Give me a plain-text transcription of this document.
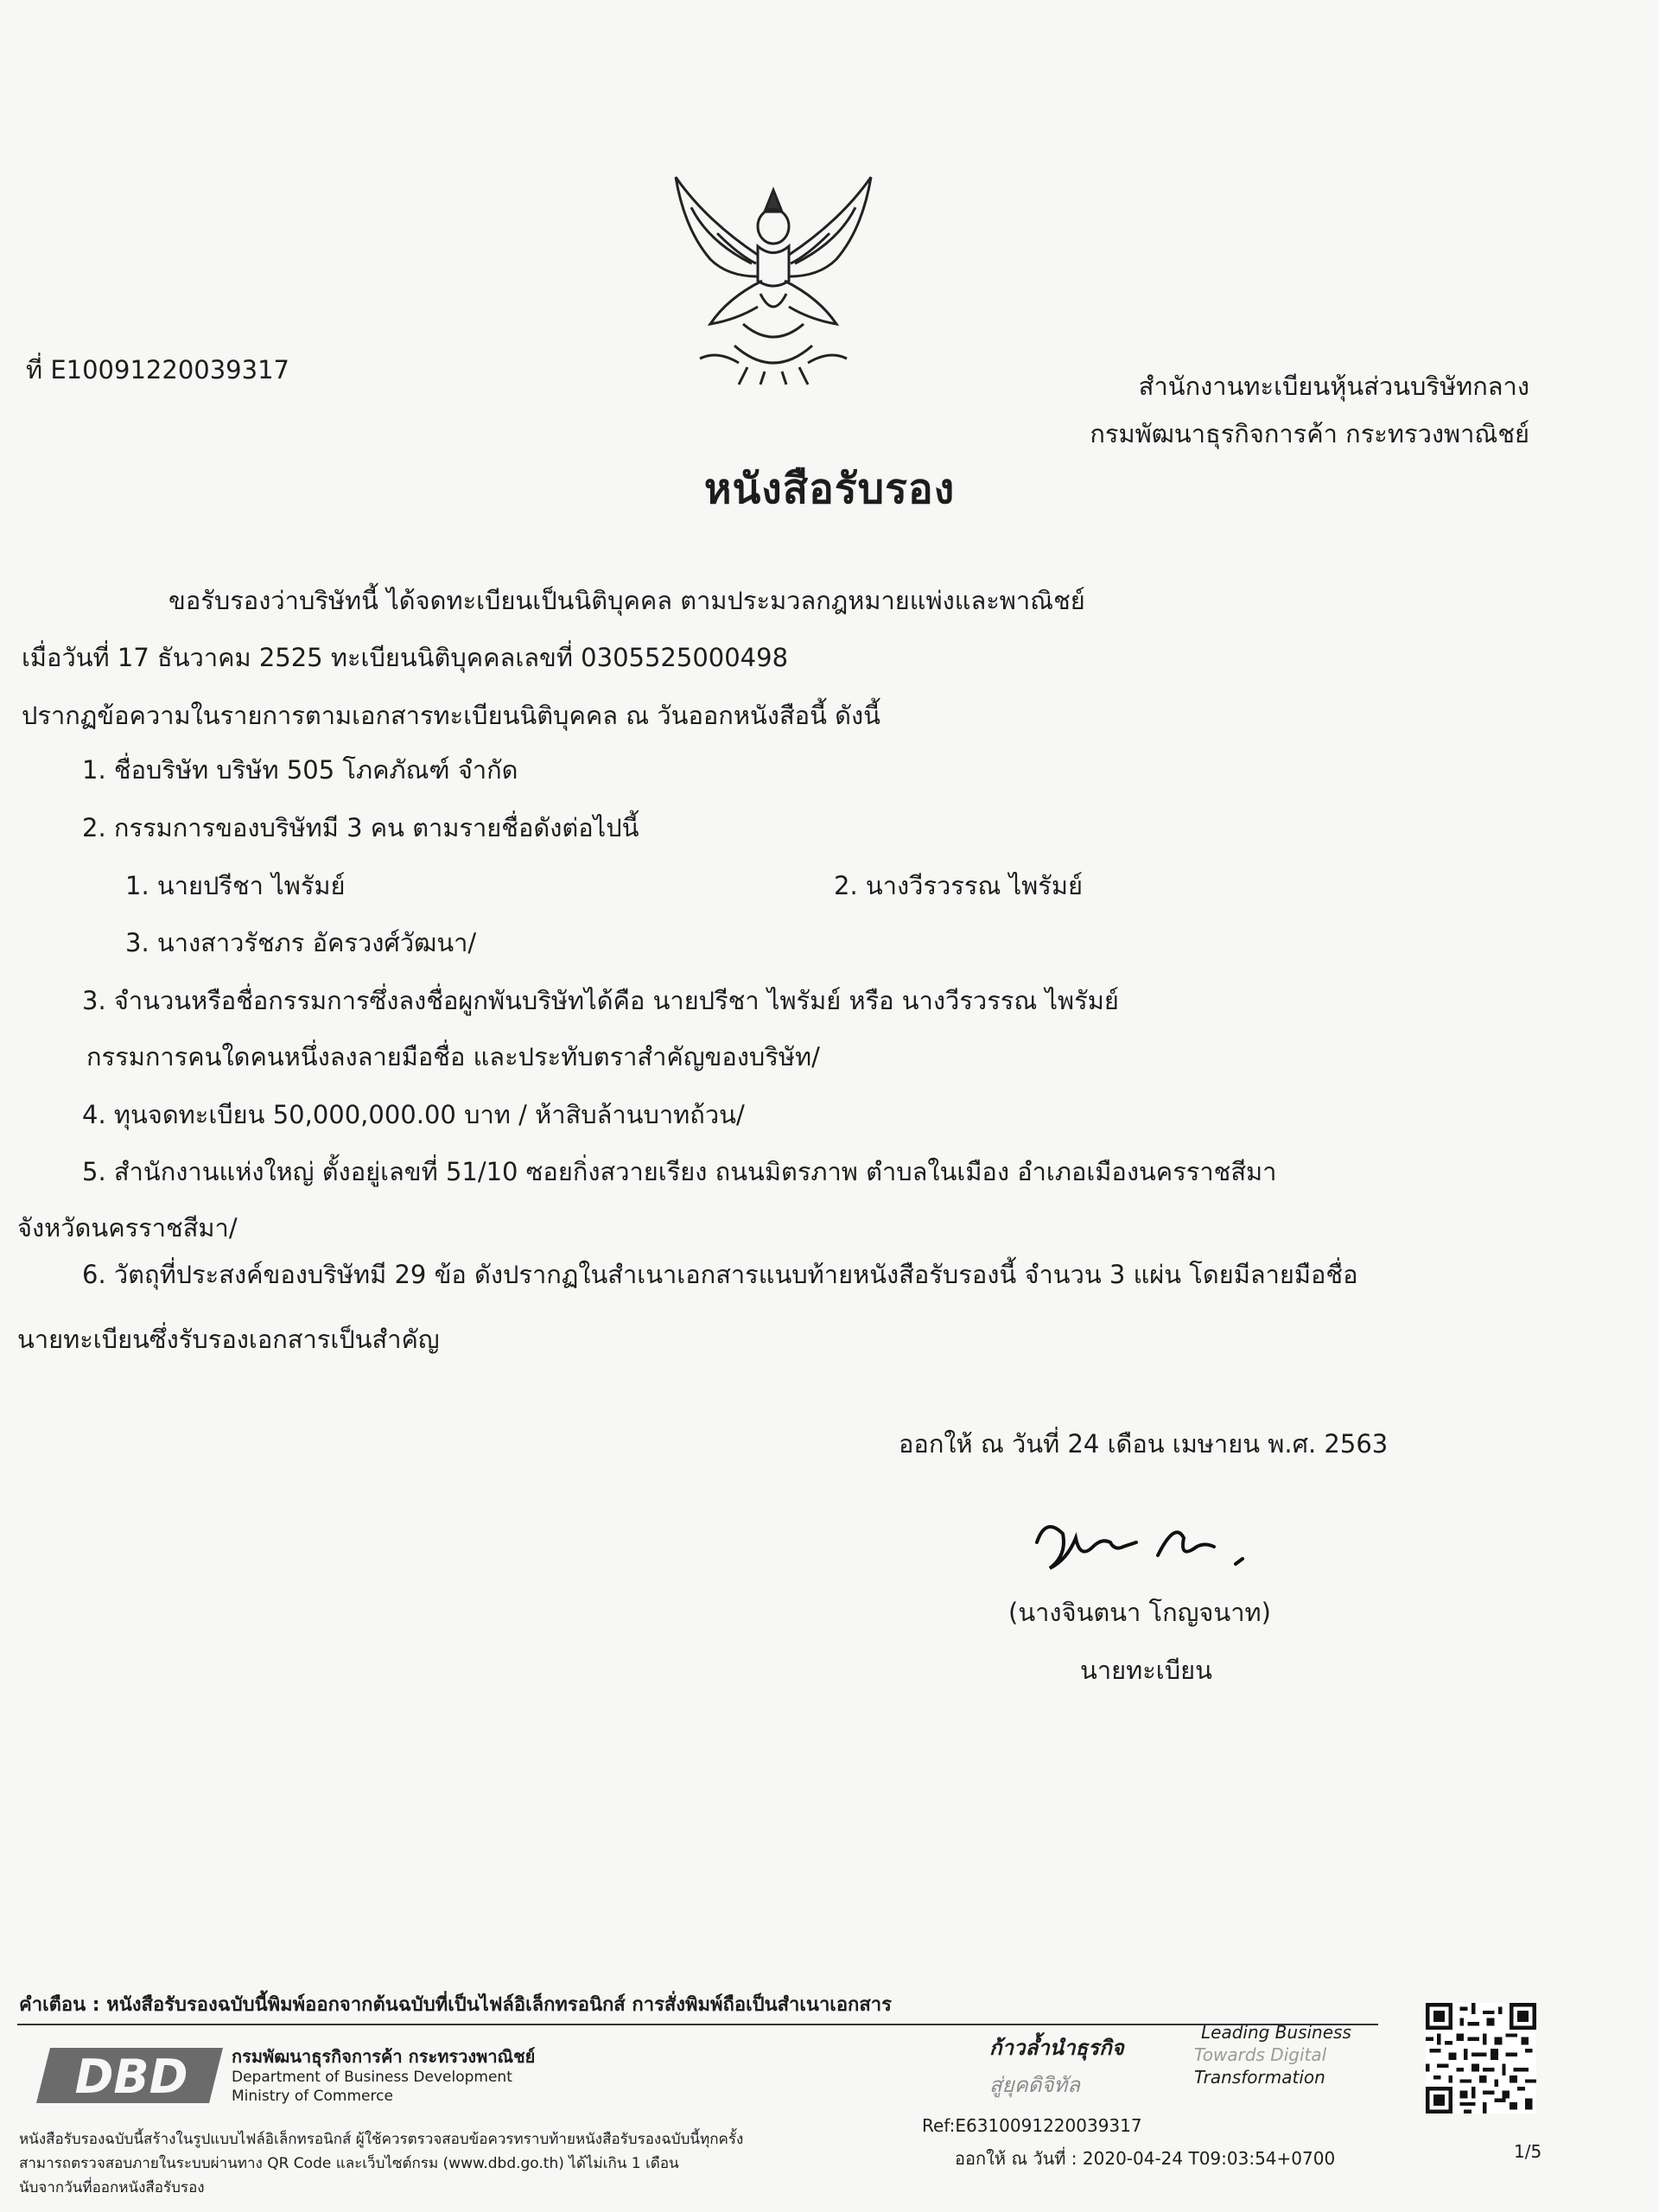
ที่ E10091220039317
สำนักงานทะเบียนหุ้นส่วนบริษัทกลาง
กรมพัฒนาธุรกิจการค้า กระทรวงพาณิชย์
หนังสือรับรอง
ขอรับรองว่าบริษัทนี้ ได้จดทะเบียนเป็นนิติบุคคล ตามประมวลกฎหมายแพ่งและพาณิชย์
เมื่อวันที่ 17 ธันวาคม 2525 ทะเบียนนิติบุคคลเลขที่ 0305525000498
ปรากฏข้อความในรายการตามเอกสารทะเบียนนิติบุคคล ณ วันออกหนังสือนี้ ดังนี้
1. ชื่อบริษัท บริษัท 505 โภคภัณฑ์ จำกัด
2. กรรมการของบริษัทมี 3 คน ตามรายชื่อดังต่อไปนี้
1. นายปรีชา ไพรัมย์	2. นางวีรวรรณ ไพรัมย์
3. นางสาวรัชภร อัครวงศ์วัฒนา/
3. จำนวนหรือชื่อกรรมการซึ่งลงชื่อผูกพันบริษัทได้คือ นายปรีชา ไพรัมย์ หรือ นางวีรวรรณ ไพรัมย์
กรรมการคนใดคนหนึ่งลงลายมือชื่อ และประทับตราสำคัญของบริษัท/
4. ทุนจดทะเบียน 50,000,000.00 บาท / ห้าสิบล้านบาทถ้วน/
5. สำนักงานแห่งใหญ่ ตั้งอยู่เลขที่ 51/10 ซอยกิ่งสวายเรียง ถนนมิตรภาพ ตำบลในเมือง อำเภอเมืองนครราชสีมา
จังหวัดนครราชสีมา/
6. วัตถุที่ประสงค์ของบริษัทมี 29 ข้อ ดังปรากฏในสำเนาเอกสารแนบท้ายหนังสือรับรองนี้ จำนวน 3 แผ่น โดยมีลายมือชื่อ
นายทะเบียนซึ่งรับรองเอกสารเป็นสำคัญ
ออกให้ ณ วันที่ 24 เดือน เมษายน พ.ศ. 2563
(นางจินตนา โกญจนาท)
นายทะเบียน
คำเตือน : หนังสือรับรองฉบับนี้พิมพ์ออกจากต้นฉบับที่เป็นไฟล์อิเล็กทรอนิกส์ การสั่งพิมพ์ถือเป็นสำเนาเอกสาร
DBD	กรมพัฒนาธุรกิจการค้า กระทรวงพาณิชย์
Department of Business Development
Ministry of Commerce
ก้าวล้ำนำธุรกิจ
สู่ยุคดิจิทัล
Leading Business
Towards Digital
Transformation
หนังสือรับรองฉบับนี้สร้างในรูปแบบไฟล์อิเล็กทรอนิกส์ ผู้ใช้ควรตรวจสอบข้อควรทราบท้ายหนังสือรับรองฉบับนี้ทุกครั้ง
สามารถตรวจสอบภายในระบบผ่านทาง QR Code และเว็บไซต์กรม (www.dbd.go.th) ได้ไม่เกิน 1 เดือน
นับจากวันที่ออกหนังสือรับรอง
Ref:E6310091220039317
ออกให้ ณ วันที่ : 2020-04-24 T09:03:54+0700	1/5
